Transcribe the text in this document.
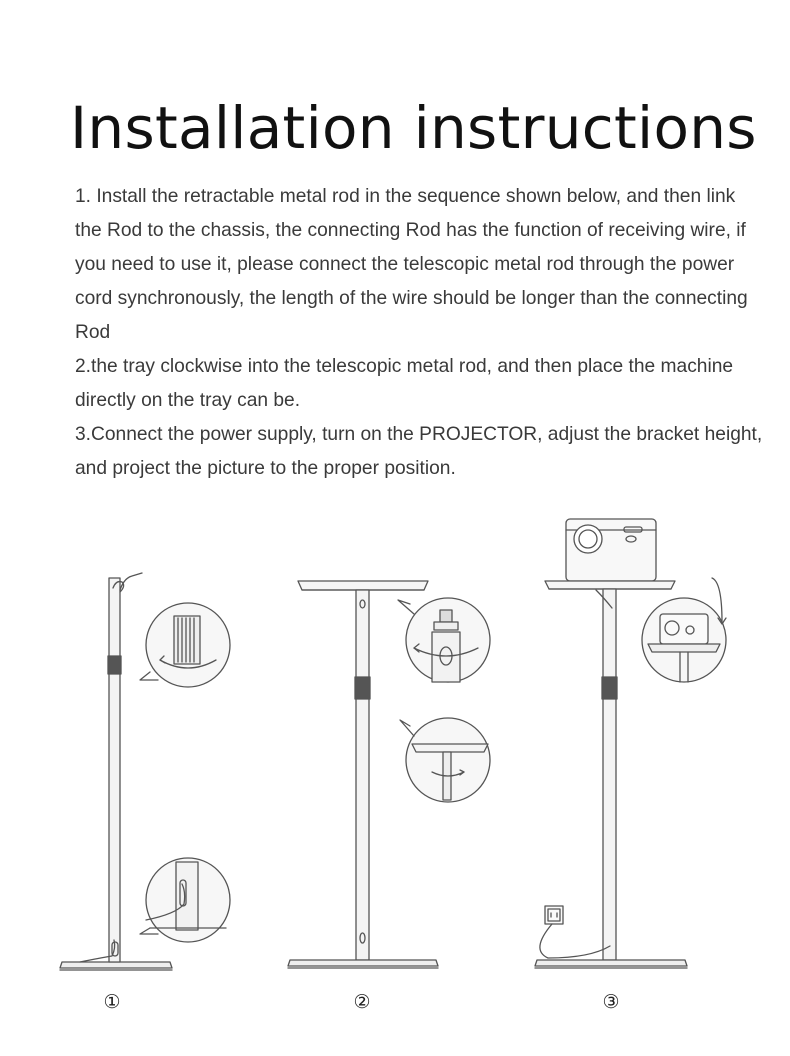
Installation instructions

1. Install the retractable metal rod in the sequence shown below, and then link the Rod to the chassis, the connecting Rod has the function of receiving wire, if you need to use it, please connect the telescopic metal rod through the power cord synchronously, the length of the wire should be longer than the connecting Rod

2.the tray clockwise into the telescopic metal rod, and then place the machine directly on the tray can be.

3.Connect the power supply, turn on the PROJECTOR, adjust the bracket height, and project the picture to the proper position.

①	②	③
